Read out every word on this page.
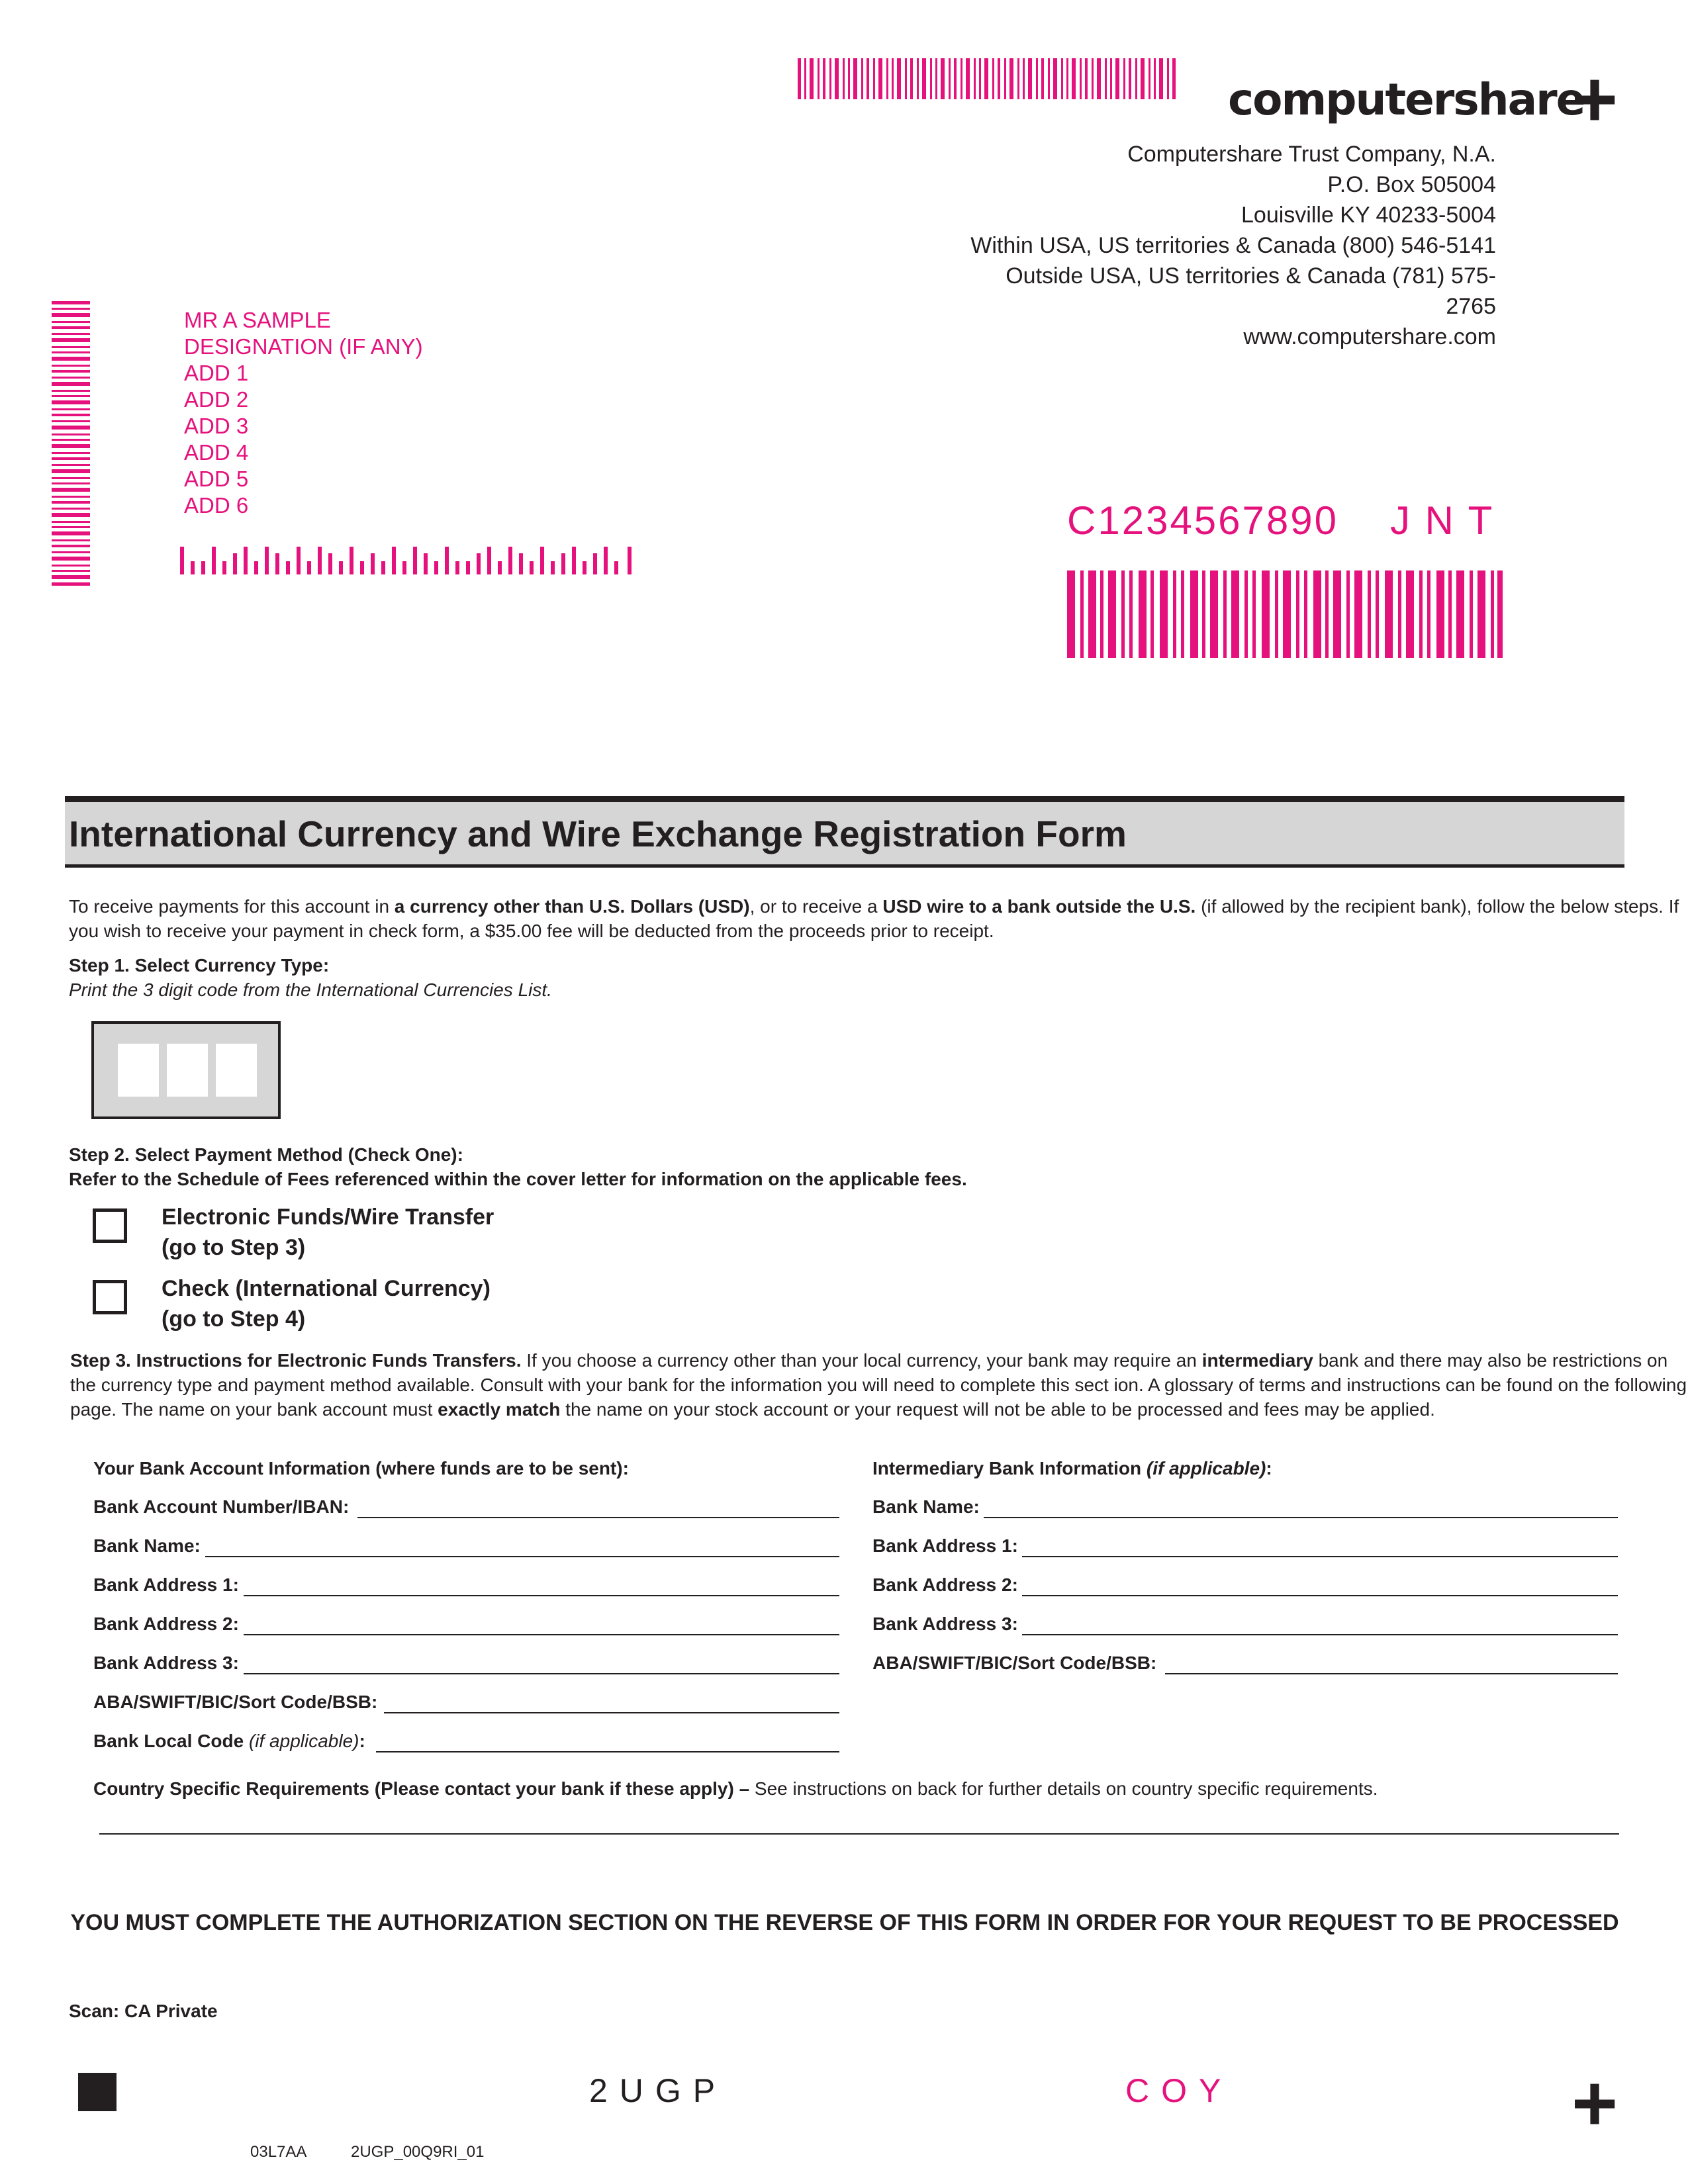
computershare
+
Computershare Trust Company, N.A.
P.O. Box 505004
Louisville KY 40233-5004
Within USA, US territories & Canada (800) 546-5141
Outside USA, US territories & Canada (781) 575-2765
www.computershare.com
MR A SAMPLE
DESIGNATION (IF ANY)
ADD 1
ADD 2
ADD 3
ADD 4
ADD 5
ADD 6	C1234567890 J N T
International Currency and Wire Exchange Registration Form
To receive payments for this account in a currency other than U.S. Dollars (USD), or to receive a USD wire to a bank outside the U.S. (if allowed by the recipient bank), follow the below steps. If
you wish to receive your payment in check form, a $35.00 fee will be deducted from the proceeds prior to receipt.
Step 1. Select Currency Type:
Print the 3 digit code from the International Currencies List.
Step 2. Select Payment Method (Check One):
Refer to the Schedule of Fees referenced within the cover letter for information on the applicable fees.
Electronic Funds/Wire Transfer
(go to Step 3)
Check (International Currency)
(go to Step 4)
Step 3. Instructions for Electronic Funds Transfers. If you choose a currency other than your local currency, your bank may require an intermediary bank and there may also be restrictions on
the currency type and payment method available. Consult with your bank for the information you will need to complete this sect ion. A glossary of terms and instructions can be found on the following
page. The name on your bank account must exactly match the name on your stock account or your request will not be able to be processed and fees may be applied.
Your Bank Account Information (where funds are to be sent):
Bank Account Number/IBAN:
Bank Name:
Bank Address 1:
Bank Address 2:
Bank Address 3:
ABA/SWIFT/BIC/Sort Code/BSB:
Bank Local Code (if applicable):
Intermediary Bank Information (if applicable):
Bank Name:
Bank Address 1:
Bank Address 2:
Bank Address 3:
ABA/SWIFT/BIC/Sort Code/BSB:
Country Specific Requirements (Please contact your bank if these apply) – See instructions on back for further details on country specific requirements.
YOU MUST COMPLETE THE AUTHORIZATION SECTION ON THE REVERSE OF THIS FORM IN ORDER FOR YOUR REQUEST TO BE PROCESSED
Scan: CA Private
2UGP	COY	+
03L7AA	2UGP_00Q9RI_01
